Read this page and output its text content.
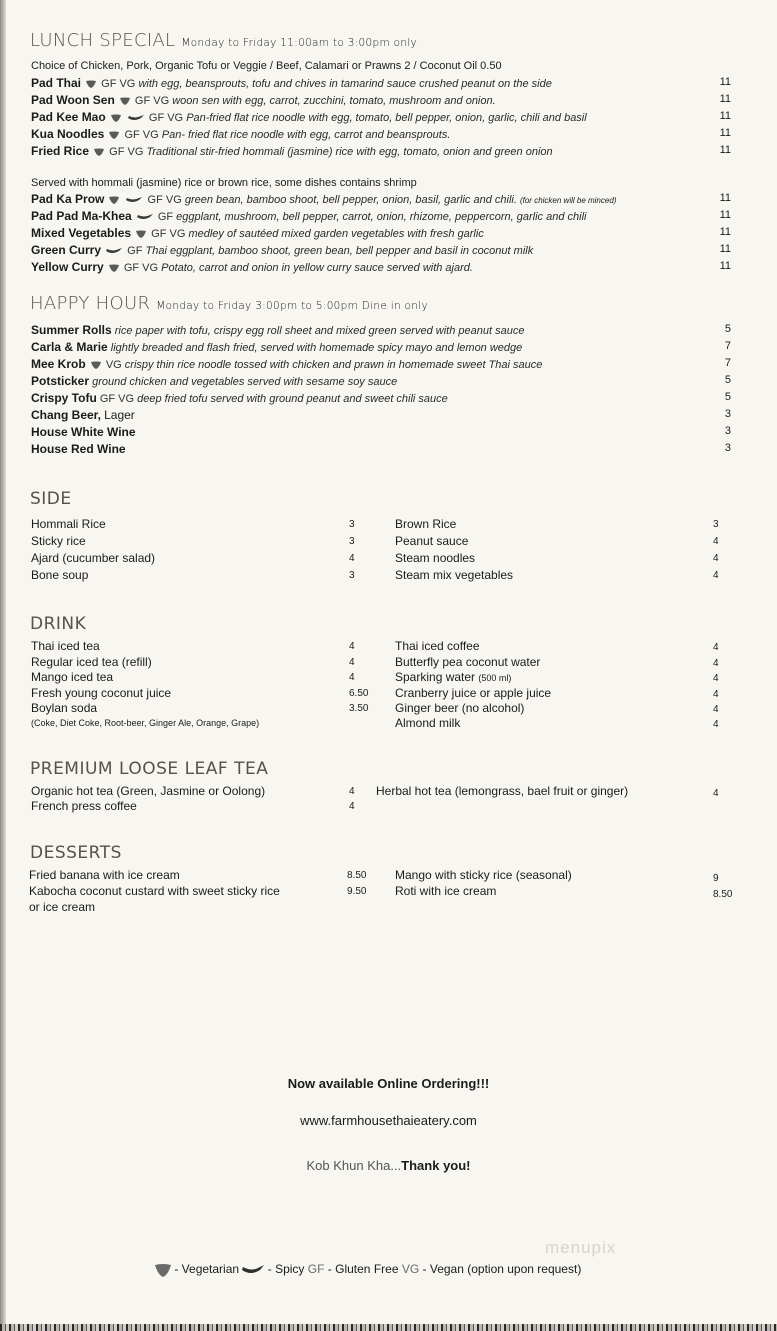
LUNCH SPECIAL Monday to Friday 11:00am to 3:00pm only
Choice of Chicken, Pork, Organic Tofu or Veggie / Beef, Calamari or Prawns 2 / Coconut Oil 0.50
Pad Thai GF VG with egg, beansprouts, tofu and chives in tamarind sauce crushed peanut on the side	11
Pad Woon Sen GF VG woon sen with egg, carrot, zucchini, tomato, mushroom and onion.	11
Pad Kee Mao	GF VG Pan-fried flat rice noodle with egg, tomato, bell pepper, onion, garlic, chili and basil	11
Kua Noodles GF VG Pan- fried flat rice noodle with egg, carrot and beansprouts.	11
Fried Rice GF VG Traditional stir-fried hommali (jasmine) rice with egg, tomato, onion and green onion	11
Served with hommali (jasmine) rice or brown rice, some dishes contains shrimp
Pad Ka Prow	GF VG green bean, bamboo shoot, bell pepper, onion, basil, garlic and chili. (for chicken will be minced)	11
Pad Pad Ma-Khea GF eggplant, mushroom, bell pepper, carrot, onion, rhizome, peppercorn, garlic and chili	11
Mixed Vegetables GF VG medley of sautéed mixed garden vegetables with fresh garlic	11
Green Curry GF Thai eggplant, bamboo shoot, green bean, bell pepper and basil in coconut milk	11
Yellow Curry GF VG Potato, carrot and onion in yellow curry sauce served with ajard.	11
HAPPY HOUR Monday to Friday 3:00pm to 5:00pm Dine in only
Summer Rolls rice paper with tofu, crispy egg roll sheet and mixed green served with peanut sauce	5
Carla & Marie lightly breaded and flash fried, served with homemade spicy mayo and lemon wedge	7
Mee Krob VG crispy thin rice noodle tossed with chicken and prawn in homemade sweet Thai sauce	7
Potsticker ground chicken and vegetables served with sesame soy sauce	5
Crispy Tofu GF VG deep fried tofu served with ground peanut and sweet chili sauce	5
Chang Beer, Lager	3
House White Wine	3
House Red Wine	3
SIDE
Hommali Rice	3
Sticky rice	3
Ajard (cucumber salad)	4
Bone soup	3
Brown Rice	3
Peanut sauce	4
Steam noodles	4
Steam mix vegetables	4
DRINK
Thai iced tea	4
Regular iced tea (refill)	4
Mango iced tea	4
Fresh young coconut juice	6.50
Boylan soda	3.50
(Coke, Diet Coke, Root-beer, Ginger Ale, Orange, Grape)
Thai iced coffee	4
Butterfly pea coconut water	4
Sparking water (500 ml)	4
Cranberry juice or apple juice	4
Ginger beer (no alcohol)	4
Almond milk	4
PREMIUM LOOSE LEAF TEA
Organic hot tea (Green, Jasmine or Oolong)	4
French press coffee	4
Herbal hot tea (lemongrass, bael fruit or ginger)	4
DESSERTS
Fried banana with ice cream	8.50
Kabocha coconut custard with sweet sticky rice	9.50
or ice cream
Mango with sticky rice (seasonal)	9
Roti with ice cream	8.50
Now available Online Ordering!!!
www.farmhousethaieatery.com
Kob Khun Kha...Thank you!
menupix
- Vegetarian - Spicy GF - Gluten Free VG - Vegan (option upon request)
